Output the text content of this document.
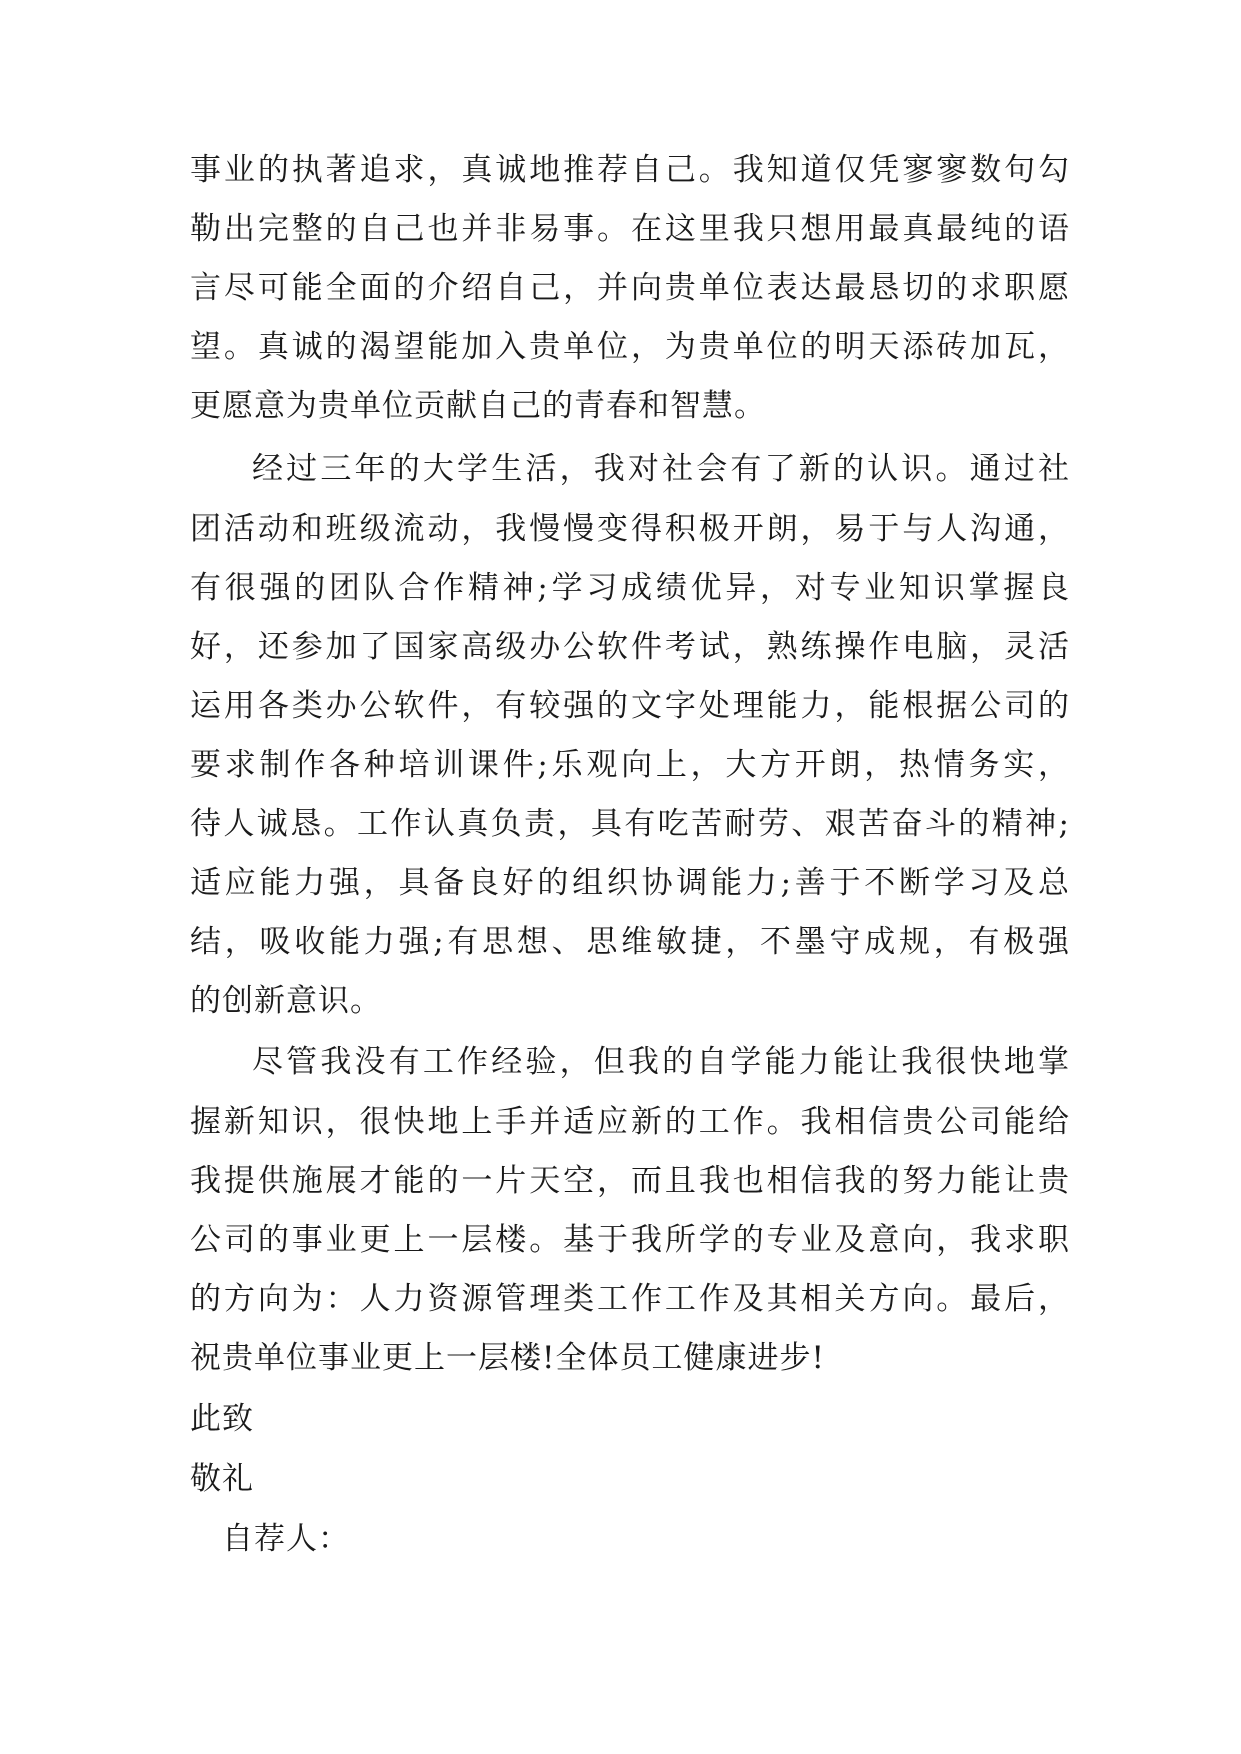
事业的执著追求，真诚地推荐自己。我知道仅凭寥寥数句勾
勒出完整的自己也并非易事。在这里我只想用最真最纯的语
言尽可能全面的介绍自己，并向贵单位表达最恳切的求职愿
望。真诚的渴望能加入贵单位，为贵单位的明天添砖加瓦，
更愿意为贵单位贡献自己的青春和智慧。
经过三年的大学生活，我对社会有了新的认识。通过社
团活动和班级流动，我慢慢变得积极开朗，易于与人沟通，
有很强的团队合作精神;学习成绩优异，对专业知识掌握良
好，还参加了国家高级办公软件考试，熟练操作电脑，灵活
运用各类办公软件，有较强的文字处理能力，能根据公司的
要求制作各种培训课件;乐观向上，大方开朗，热情务实，
待人诚恳。工作认真负责，具有吃苦耐劳、艰苦奋斗的精神;
适应能力强，具备良好的组织协调能力;善于不断学习及总
结，吸收能力强;有思想、思维敏捷，不墨守成规，有极强
的创新意识。
尽管我没有工作经验，但我的自学能力能让我很快地掌
握新知识，很快地上手并适应新的工作。我相信贵公司能给
我提供施展才能的一片天空，而且我也相信我的努力能让贵
公司的事业更上一层楼。基于我所学的专业及意向，我求职
的方向为：人力资源管理类工作工作及其相关方向。最后，
祝贵单位事业更上一层楼!全体员工健康进步!
此致
敬礼
自荐人：
